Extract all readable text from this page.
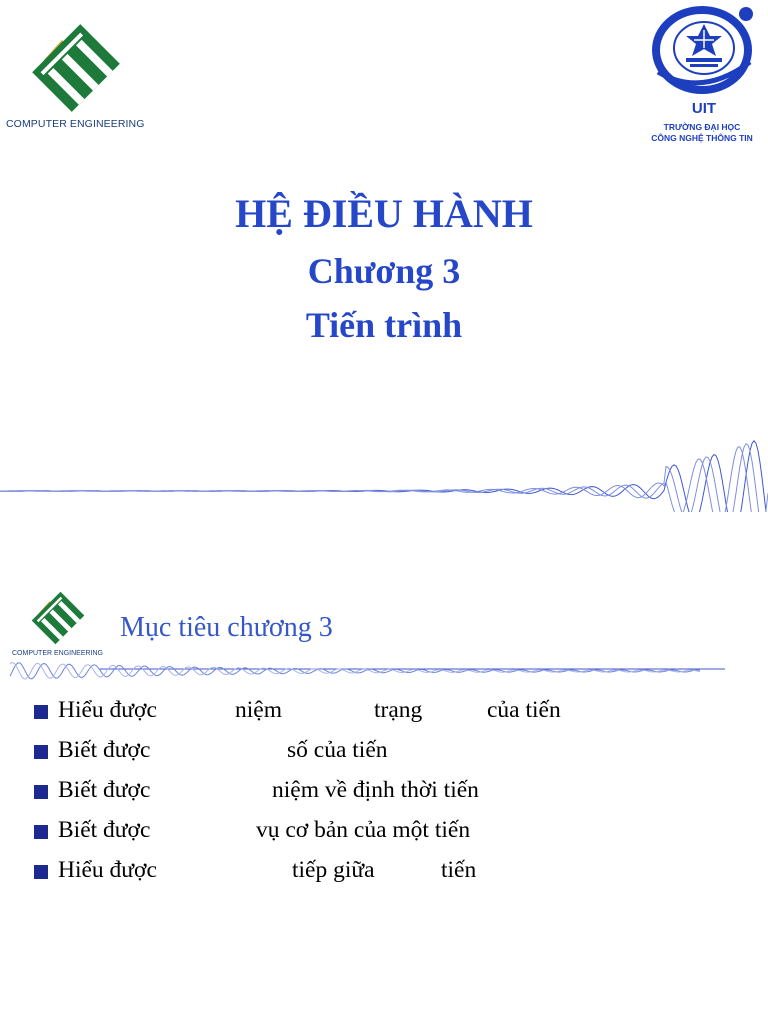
COMPUTER ENGINEERING
UIT
TRƯỜNG ĐẠI HỌC
CÔNG NGHỆ THÔNG TIN
HỆ ĐIỀU HÀNH
Chương 3
Tiến trình
COMPUTER ENGINEERING
Mục tiêu chương 3
Hiểu được	niệm	trạng	của tiến
Biết được	số của tiến
Biết được	niệm về định thời tiến
Biết được	vụ cơ bản của một tiến
Hiểu được	tiếp giữa	tiến
